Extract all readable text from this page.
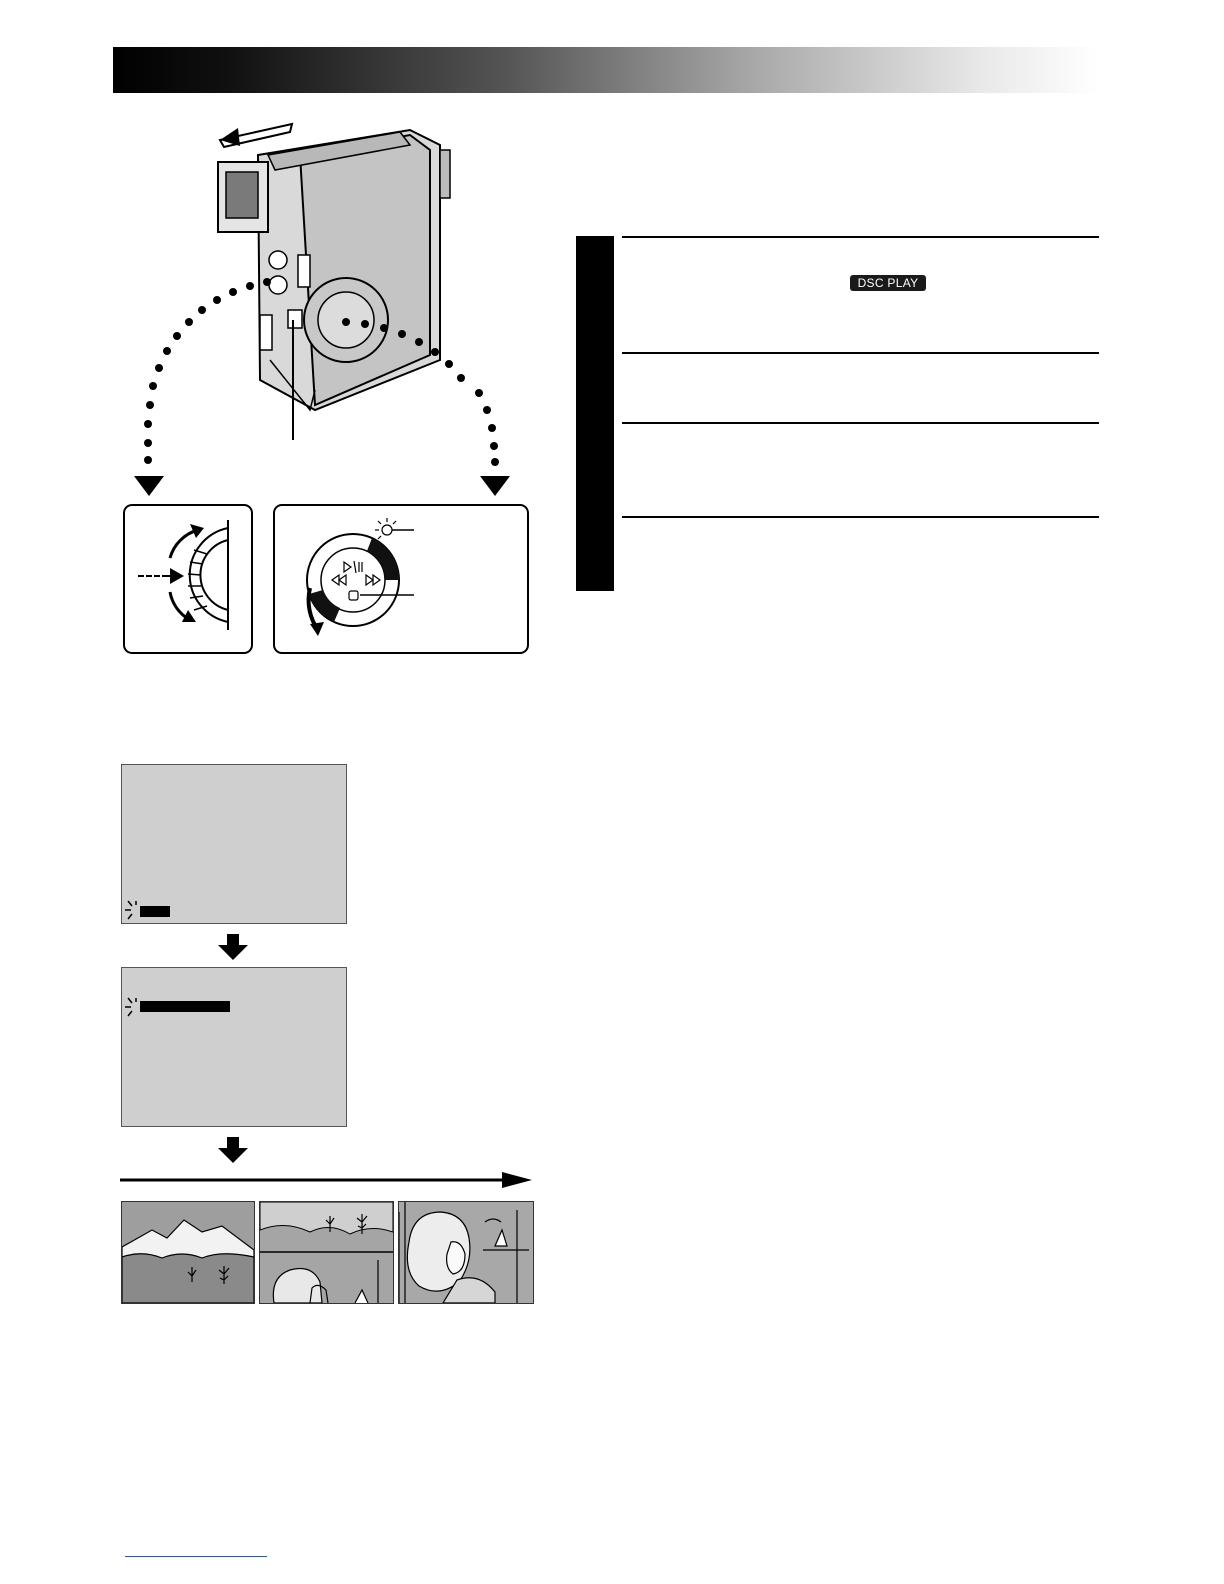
DSC PLAY
